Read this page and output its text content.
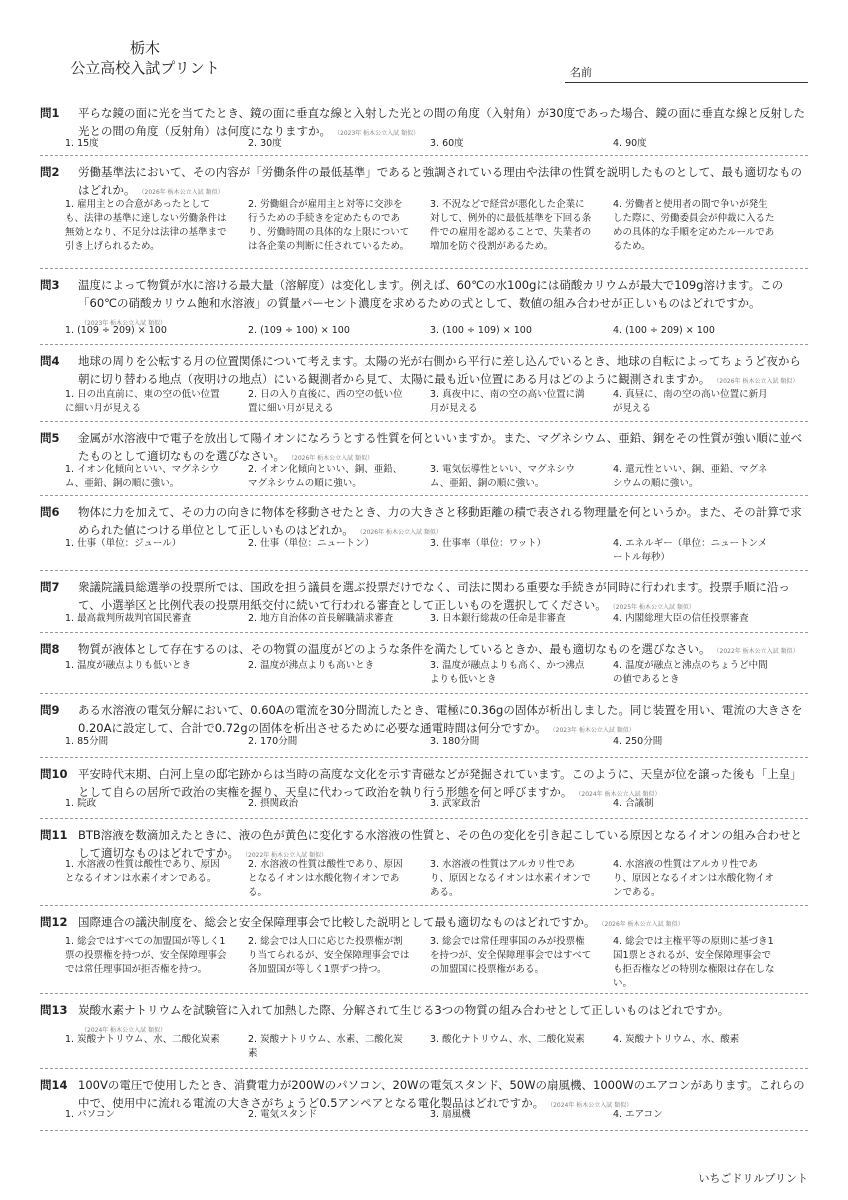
栃木
公立高校入試プリント	名前
問1 平らな鏡の面に光を当てたとき、鏡の面に垂直な線と入射した光との間の角度（入射角）が30度であった場合、鏡の面に垂直な線と反射した光との間の角度（反射角）は何度になりますか。 （2023年 栃木公立入試 類似）
1. 15度	2. 30度	3. 60度	4. 90度
問2 労働基準法において、その内容が「労働条件の最低基準」であると強調されている理由や法律の性質を説明したものとして、最も適切なものはどれか。 （2026年 栃木公立入試 類似）
1. 雇用主との合意があったとしても、法律の基準に達しない労働条件は無効となり、不足分は法律の基準まで引き上げられるため。
2. 労働組合が雇用主と対等に交渉を行うための手続きを定めたものであり、労働時間の具体的な上限については各企業の判断に任されているため。
3. 不況などで経営が悪化した企業に対して、例外的に最低基準を下回る条件での雇用を認めることで、失業者の増加を防ぐ役割があるため。
4. 労働者と使用者の間で争いが発生した際に、労働委員会が仲裁に入るための具体的な手順を定めたルールであるため。
問3 温度によって物質が水に溶ける最大量（溶解度）は変化します。例えば、60℃の水100gには硝酸カリウムが最大で109g溶けます。この「60℃の硝酸カリウム飽和水溶液」の質量パーセント濃度を求めるための式として、数値の組み合わせが正しいものはどれですか。（2023年 栃木公立入試 類似）
1. (109 ÷ 209) × 100	2. (109 ÷ 100) × 100	3. (100 ÷ 109) × 100	4. (100 ÷ 209) × 100
問4 地球の周りを公転する月の位置関係について考えます。太陽の光が右側から平行に差し込んでいるとき、地球の自転によってちょうど夜から朝に切り替わる地点（夜明けの地点）にいる観測者から見て、太陽に最も近い位置にある月はどのように観測されますか。 （2026年 栃木公立入試 類似）
1. 日の出直前に、東の空の低い位置に細い月が見える
2. 日の入り直後に、西の空の低い位置に細い月が見える
3. 真夜中に、南の空の高い位置に満月が見える
4. 真昼に、南の空の高い位置に新月が見える
問5 金属が水溶液中で電子を放出して陽イオンになろうとする性質を何といいますか。また、マグネシウム、亜鉛、銅をその性質が強い順に並べたものとして適切なものを選びなさい。 （2026年 栃木公立入試 類似）
1. イオン化傾向といい、マグネシウム、亜鉛、銅の順に強い。
2. イオン化傾向といい、銅、亜鉛、マグネシウムの順に強い。
3. 電気伝導性といい、マグネシウム、亜鉛、銅の順に強い。
4. 還元性といい、銅、亜鉛、マグネシウムの順に強い。
問6 物体に力を加えて、その力の向きに物体を移動させたとき、力の大きさと移動距離の積で表される物理量を何というか。また、その計算で求められた値につける単位として正しいものはどれか。 （2026年 栃木公立入試 類似）
1. 仕事（単位：ジュール）	2. 仕事（単位：ニュートン）	3. 仕事率（単位：ワット）	4. エネルギー（単位：ニュートンメートル毎秒）
問7 衆議院議員総選挙の投票所では、国政を担う議員を選ぶ投票だけでなく、司法に関わる重要な手続きが同時に行われます。投票手順に沿って、小選挙区と比例代表の投票用紙交付に続いて行われる審査として正しいものを選択してください。 （2025年 栃木公立入試 類似）
1. 最高裁判所裁判官国民審査	2. 地方自治体の首長解職請求審査	3. 日本銀行総裁の任命是非審査	4. 内閣総理大臣の信任投票審査
問8 物質が液体として存在するのは、その物質の温度がどのような条件を満たしているときか、最も適切なものを選びなさい。 （2022年 栃木公立入試 類似）
1. 温度が融点よりも低いとき	2. 温度が沸点よりも高いとき	3. 温度が融点よりも高く、かつ沸点よりも低いとき
4. 温度が融点と沸点のちょうど中間の値であるとき
問9 ある水溶液の電気分解において、0.60Aの電流を30分間流したとき、電極に0.36gの固体が析出しました。同じ装置を用い、電流の大きさを0.20Aに設定して、合計で0.72gの固体を析出させるために必要な通電時間は何分ですか。 （2023年 栃木公立入試 類似）
1. 85分間	2. 170分間	3. 180分間	4. 250分間
問10 平安時代末期、白河上皇の邸宅跡からは当時の高度な文化を示す青磁などが発掘されています。このように、天皇が位を譲った後も「上皇」として自らの居所で政治の実権を握り、天皇に代わって政治を執り行う形態を何と呼びますか。 （2024年 栃木公立入試 類似）
1. 院政	2. 摂関政治	3. 武家政治	4. 合議制
問11 BTB溶液を数滴加えたときに、液の色が黄色に変化する水溶液の性質と、その色の変化を引き起こしている原因となるイオンの組み合わせとして適切なものはどれですか。 （2022年 栃木公立入試 類似）
1. 水溶液の性質は酸性であり、原因となるイオンは水素イオンである。
2. 水溶液の性質は酸性であり、原因となるイオンは水酸化物イオンである。
3. 水溶液の性質はアルカリ性であり、原因となるイオンは水素イオンである。
4. 水溶液の性質はアルカリ性であり、原因となるイオンは水酸化物イオンである。
問12 国際連合の議決制度を、総会と安全保障理事会で比較した説明として最も適切なものはどれですか。 （2026年 栃木公立入試 類似）
1. 総会ではすべての加盟国が等しく1票の投票権を持つが、安全保障理事会では常任理事国が拒否権を持つ。
2. 総会では人口に応じた投票権が割り当てられるが、安全保障理事会では各加盟国が等しく1票ずつ持つ。
3. 総会では常任理事国のみが投票権を持つが、安全保障理事会ではすべての加盟国に投票権がある。
4. 総会では主権平等の原則に基づき1国1票とされるが、安全保障理事会でも拒否権などの特別な権限は存在しない。
問13 炭酸水素ナトリウムを試験管に入れて加熱した際、分解されて生じる3つの物質の組み合わせとして正しいものはどれですか。（2024年 栃木公立入試 類似）
1. 炭酸ナトリウム、水、二酸化炭素	2. 炭酸ナトリウム、水素、二酸化炭素
3. 酸化ナトリウム、水、二酸化炭素	4. 炭酸ナトリウム、水、酸素
問14 100Vの電圧で使用したとき、消費電力が200Wのパソコン、20Wの電気スタンド、50Wの扇風機、1000Wのエアコンがあります。これらの中で、使用中に流れる電流の大きさがちょうど0.5アンペアとなる電化製品はどれですか。 （2024年 栃木公立入試 類似）
1. パソコン	2. 電気スタンド	3. 扇風機	4. エアコン
いちごドリルプリント
